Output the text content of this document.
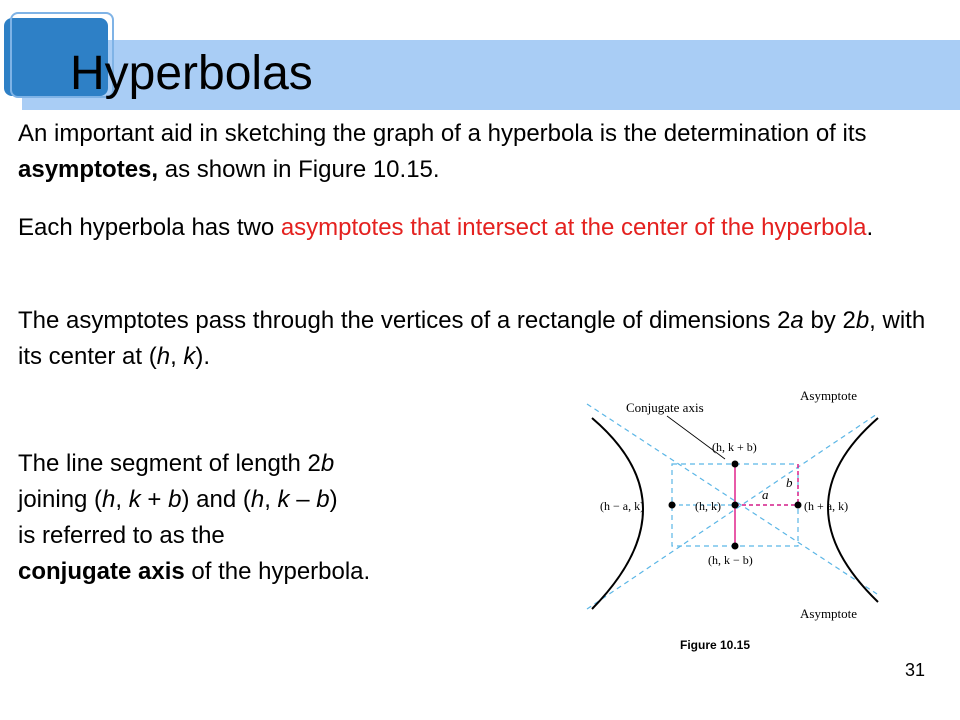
Hyperbolas
An important aid in sketching the graph of a hyperbola is the determination of its asymptotes, as shown in Figure 10.15.
Each hyperbola has two asymptotes that intersect at the center of the hyperbola.
The asymptotes pass through the vertices of a rectangle of dimensions 2a by 2b, with its center at (h, k).
The line segment of length 2b
joining (h, k + b) and (h, k – b)
is referred to as the
conjugate axis of the hyperbola.
Asymptote
Asymptote
Conjugate axis
(h, k + b)
(h, k − b)
(h − a, k)	(h, k)	(h + a, k)
a
b
Figure 10.15
31
